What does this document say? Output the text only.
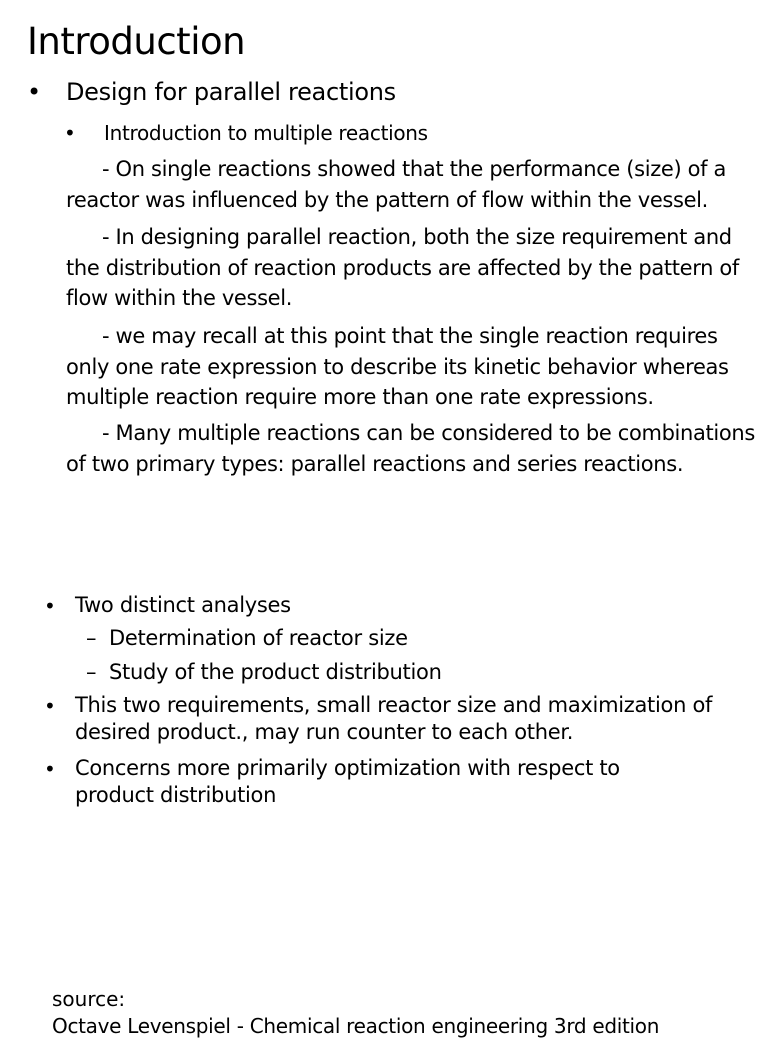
Introduction
• Design for parallel reactions
• Introduction to multiple reactions
- On single reactions showed that the performance (size) of a reactor was influenced by the pattern of flow within the vessel.
- In designing parallel reaction, both the size requirement and the distribution of reaction products are affected by the pattern of flow within the vessel.
- we may recall at this point that the single reaction requires only one rate expression to describe its kinetic behavior whereas multiple reaction require more than one rate expressions.
- Many multiple reactions can be considered to be combinations of two primary types: parallel reactions and series reactions.
• Two distinct analyses
– Determination of reactor size
– Study of the product distribution
• This two requirements, small reactor size and maximization of desired product., may run counter to each other.
• Concerns more primarily optimization with respect to product distribution
source:
Octave Levenspiel - Chemical reaction engineering 3rd edition
